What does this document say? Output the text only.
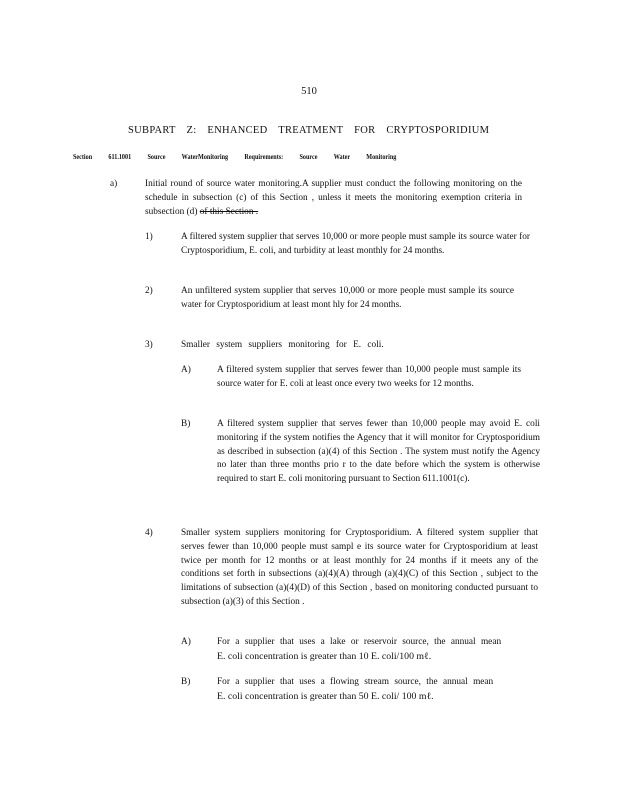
510
SUBPART Z: ENHANCED TREATMENT FOR CRYPTOSPORIDIUM
Section 611.1001 Source WaterMonitoring Requirements: Source Water Monitoring
a)	Initial round of source water monitoring.A supplier must conduct the following monitoring on the schedule in subsection (c) of this Section , unless it meets the monitoring exemption criteria in subsection (d) of this Section .
1)	A filtered system supplier that serves 10,000 or more people must sample its source water for Cryptosporidium, E. coli, and turbidity at least monthly for 24 months.
2)	An unfiltered system supplier that serves 10,000 or more people must sample its source water for Cryptosporidium at least mont hly for 24 months.
3)	Smaller system suppliers monitoring for E. coli.
A)	A filtered system supplier that serves fewer than 10,000 people must sample its source water for E. coli at least once every two weeks for 12 months.
B)	A filtered system supplier that serves fewer than 10,000 people may avoid E. coli monitoring if the system notifies the Agency that it will monitor for Cryptosporidium as described in subsection (a)(4) of this Section . The system must notify the Agency no later than three months prio r to the date before which the system is otherwise required to start E. coli monitoring pursuant to Section 611.1001(c).
4)	Smaller system suppliers monitoring for Cryptosporidium. A filtered system supplier that serves fewer than 10,000 people must sampl e its source water for Cryptosporidium at least twice per month for 12 months or at least monthly for 24 months if it meets any of the conditions set forth in subsections (a)(4)(A) through (a)(4)(C) of this Section , subject to the limitations of subsection (a)(4)(D) of this Section , based on monitoring conducted pursuant to subsection (a)(3) of this Section .
A)	For a supplier that uses a lake or reservoir source, the annual mean
E. coli concentration is greater than 10 E. coli/100 mℓ.
B)	For a supplier that uses a flowing stream source, the annual mean
E. coli concentration is greater than 50 E. coli/ 100 mℓ.
